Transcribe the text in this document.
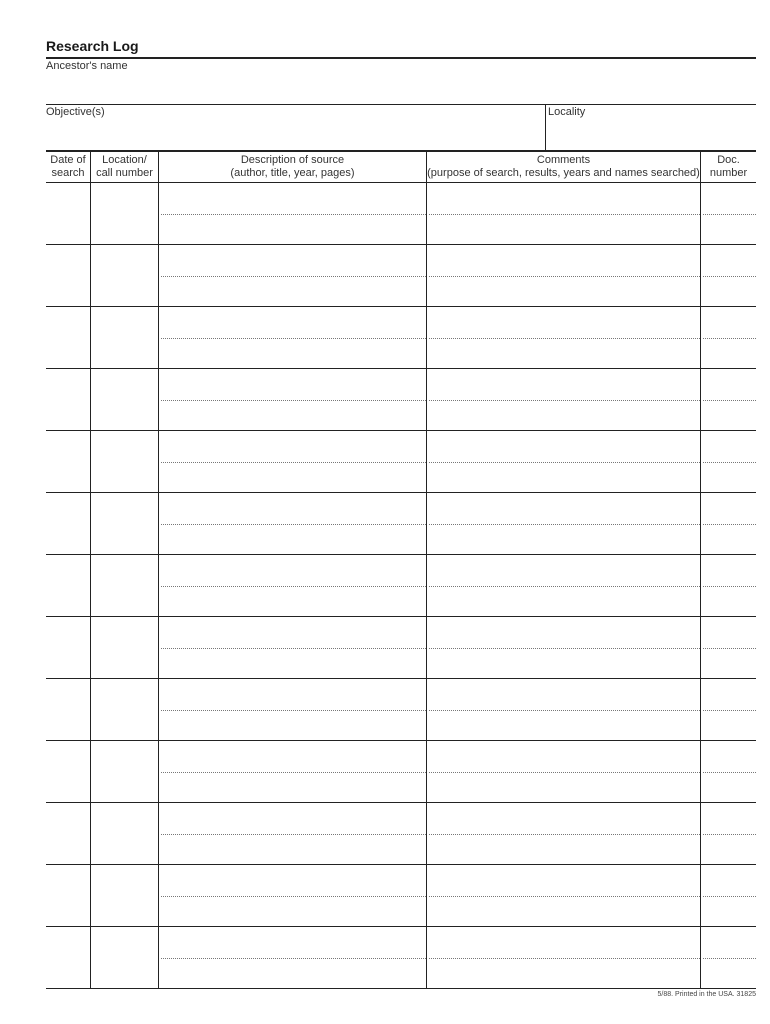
Research Log
Ancestor's name
Objective(s)	Locality
Date of
search
Location/
call number
Description of source
(author, title, year, pages)
Comments
(purpose of search, results, years and names searched)
Doc.
number
5/88. Printed in the USA. 31825
